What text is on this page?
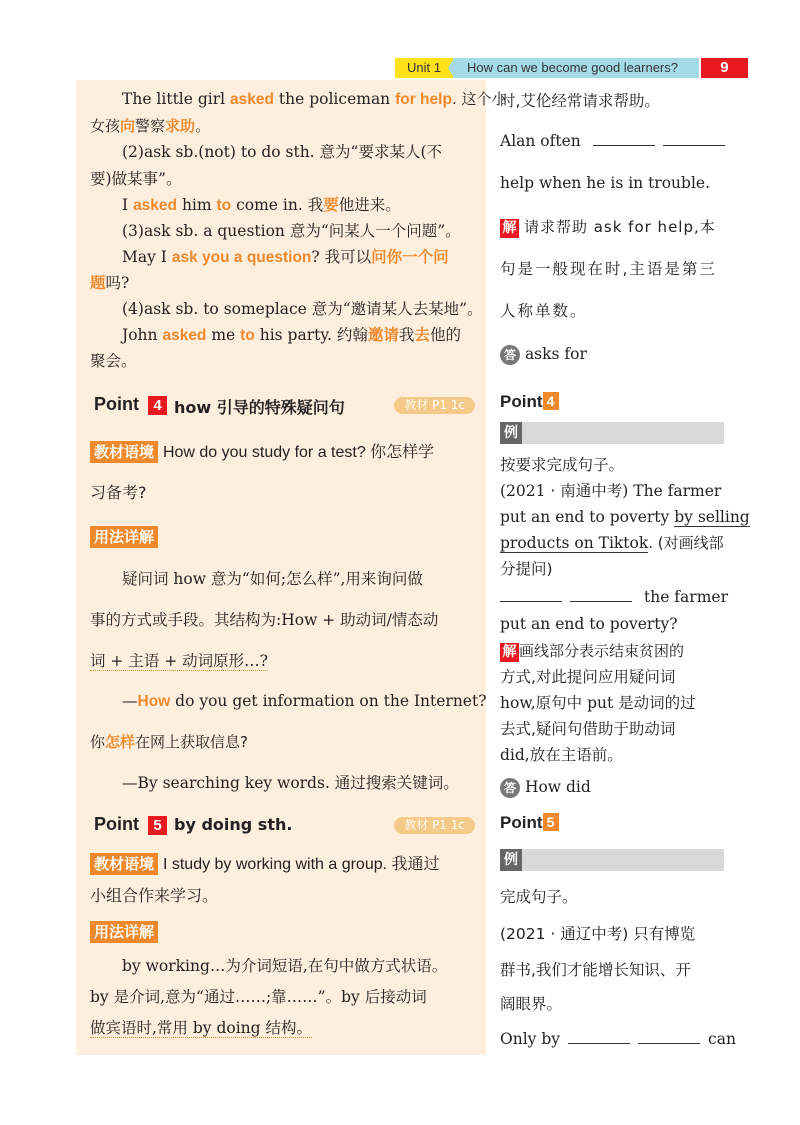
Unit 1	How can we become good learners?	9
The little girl asked the policeman for help. 这个小
女孩向警察求助。
(2)ask sb.(not) to do sth. 意为“要求某人(不
要)做某事”。
I asked him to come in. 我要他进来。
(3)ask sb. a question 意为“问某人一个问题”。
May I ask you a question? 我可以问你一个问
题吗?
(4)ask sb. to someplace 意为“邀请某人去某地”。
John asked me to his party. 约翰邀请我去他的
聚会。
Point 4 how 引导的特殊疑问句	教材 P1 1c
教材语境 How do you study for a test? 你怎样学
习备考?
用法详解
疑问词 how 意为“如何;怎么样”,用来询问做
事的方式或手段。其结构为:How + 助动词/情态动
词 + 主语 + 动词原形…?
—How do you get information on the Internet?
你怎样在网上获取信息?
—By searching key words. 通过搜索关键词。
Point 5 by doing sth.	教材 P1 1c
教材语境 I study by working with a group. 我通过
小组合作来学习。
用法详解
by working…为介词短语,在句中做方式状语。
by 是介词,意为“通过……;靠……”。by 后接动词
做宾语时,常用 by doing 结构。
时,艾伦经常请求帮助。
Alan often
help when he is in trouble.
解 请求帮助 ask for help,本
句是一般现在时,主语是第三
人称单数。
答 asks for
Point 4
例
按要求完成句子。
(2021 · 南通中考) The farmer
put an end to poverty by selling
products on Tiktok. (对画线部
分提问)
the farmer
put an end to poverty?
解 画线部分表示结束贫困的
方式,对此提问应用疑问词
how,原句中 put 是动词的过
去式,疑问句借助于助动词
did,放在主语前。
答 How did
Point 5
例
完成句子。
(2021 · 通辽中考) 只有博览
群书,我们才能增长知识、开
阔眼界。
Only by	can
